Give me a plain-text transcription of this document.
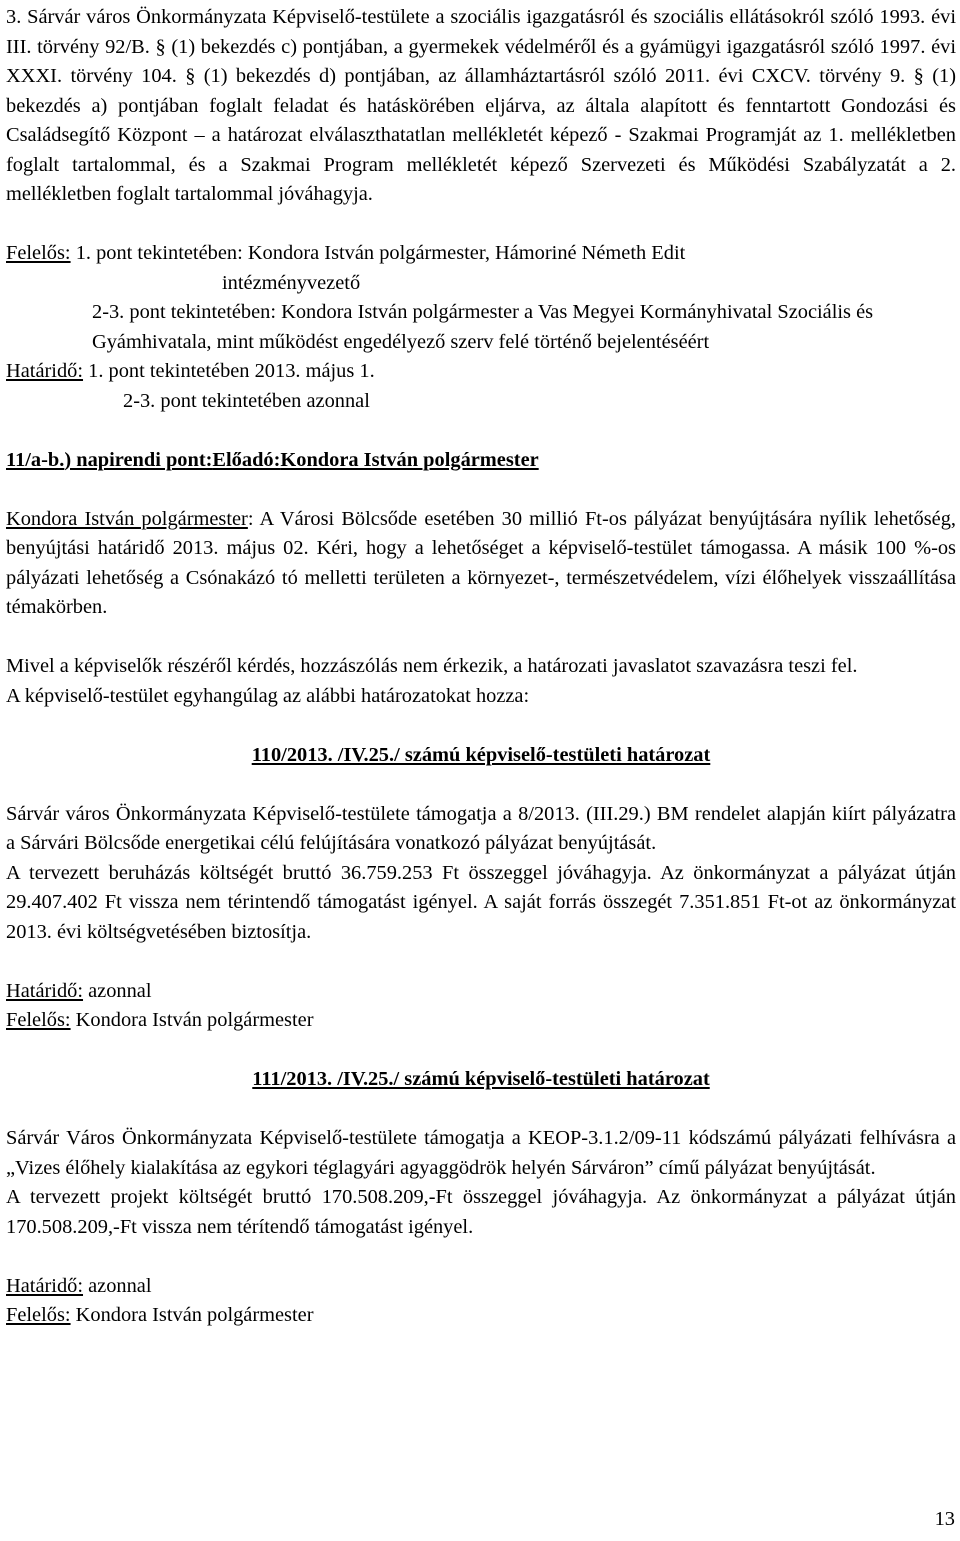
3. Sárvár város Önkormányzata Képviselő-testülete a szociális igazgatásról és szociális ellátásokról szóló 1993. évi III. törvény 92/B. § (1) bekezdés c) pontjában, a gyermekek védelméről és a gyámügyi igazgatásról szóló 1997. évi XXXI. törvény 104. § (1) bekezdés d) pontjában, az államháztartásról szóló 2011. évi CXCV. törvény 9. § (1) bekezdés a) pontjában foglalt feladat és hatáskörében eljárva, az általa alapított és fenntartott Gondozási és Családsegítő Központ – a határozat elválaszthatatlan mellékletét képező - Szakmai Programját az 1. mellékletben foglalt tartalommal, és a Szakmai Program mellékletét képező Szervezeti és Működési Szabályzatát a 2. mellékletben foglalt tartalommal jóváhagyja.

Felelős: 1. pont tekintetében: Kondora István polgármester, Hámoriné Németh Edit

intézményvezető

2-3. pont tekintetében: Kondora István polgármester a Vas Megyei Kormányhivatal Szociális és Gyámhivatala, mint működést engedélyező szerv felé történő bejelentéséért

Határidő: 1. pont tekintetében 2013. május 1.

2-3. pont tekintetében azonnal

11/a-b.) napirendi pont:Előadó:Kondora István polgármester

Kondora István polgármester: A Városi Bölcsőde esetében 30 millió Ft-os pályázat benyújtására nyílik lehetőség, benyújtási határidő 2013. május 02. Kéri, hogy a lehetőséget a képviselő-testület támogassa. A másik 100 %-os pályázati lehetőség a Csónakázó tó melletti területen a környezet-, természetvédelem, vízi élőhelyek visszaállítása témakörben.

Mivel a képviselők részéről kérdés, hozzászólás nem érkezik, a határozati javaslatot szavazásra teszi fel.

A képviselő-testület egyhangúlag az alábbi határozatokat hozza:

110/2013. /IV.25./ számú képviselő-testületi határozat

Sárvár város Önkormányzata Képviselő-testülete támogatja a 8/2013. (III.29.) BM rendelet alapján kiírt pályázatra a Sárvári Bölcsőde energetikai célú felújítására vonatkozó pályázat benyújtását.

A tervezett beruházás költségét bruttó 36.759.253 Ft összeggel jóváhagyja. Az önkormányzat a pályázat útján 29.407.402 Ft vissza nem térintendő támogatást igényel. A saját forrás összegét 7.351.851 Ft-ot az önkormányzat 2013. évi költségvetésében biztosítja.

Határidő: azonnal

Felelős: Kondora István polgármester

111/2013. /IV.25./ számú képviselő-testületi határozat

Sárvár Város Önkormányzata Képviselő-testülete támogatja a KEOP-3.1.2/09-11 kódszámú pályázati felhívásra a „Vizes élőhely kialakítása az egykori téglagyári agyaggödrök helyén Sárváron” című pályázat benyújtását.

A tervezett projekt költségét bruttó 170.508.209,-Ft összeggel jóváhagyja. Az önkormányzat a pályázat útján 170.508.209,-Ft vissza nem térítendő támogatást igényel.

Határidő: azonnal

Felelős: Kondora István polgármester

13
